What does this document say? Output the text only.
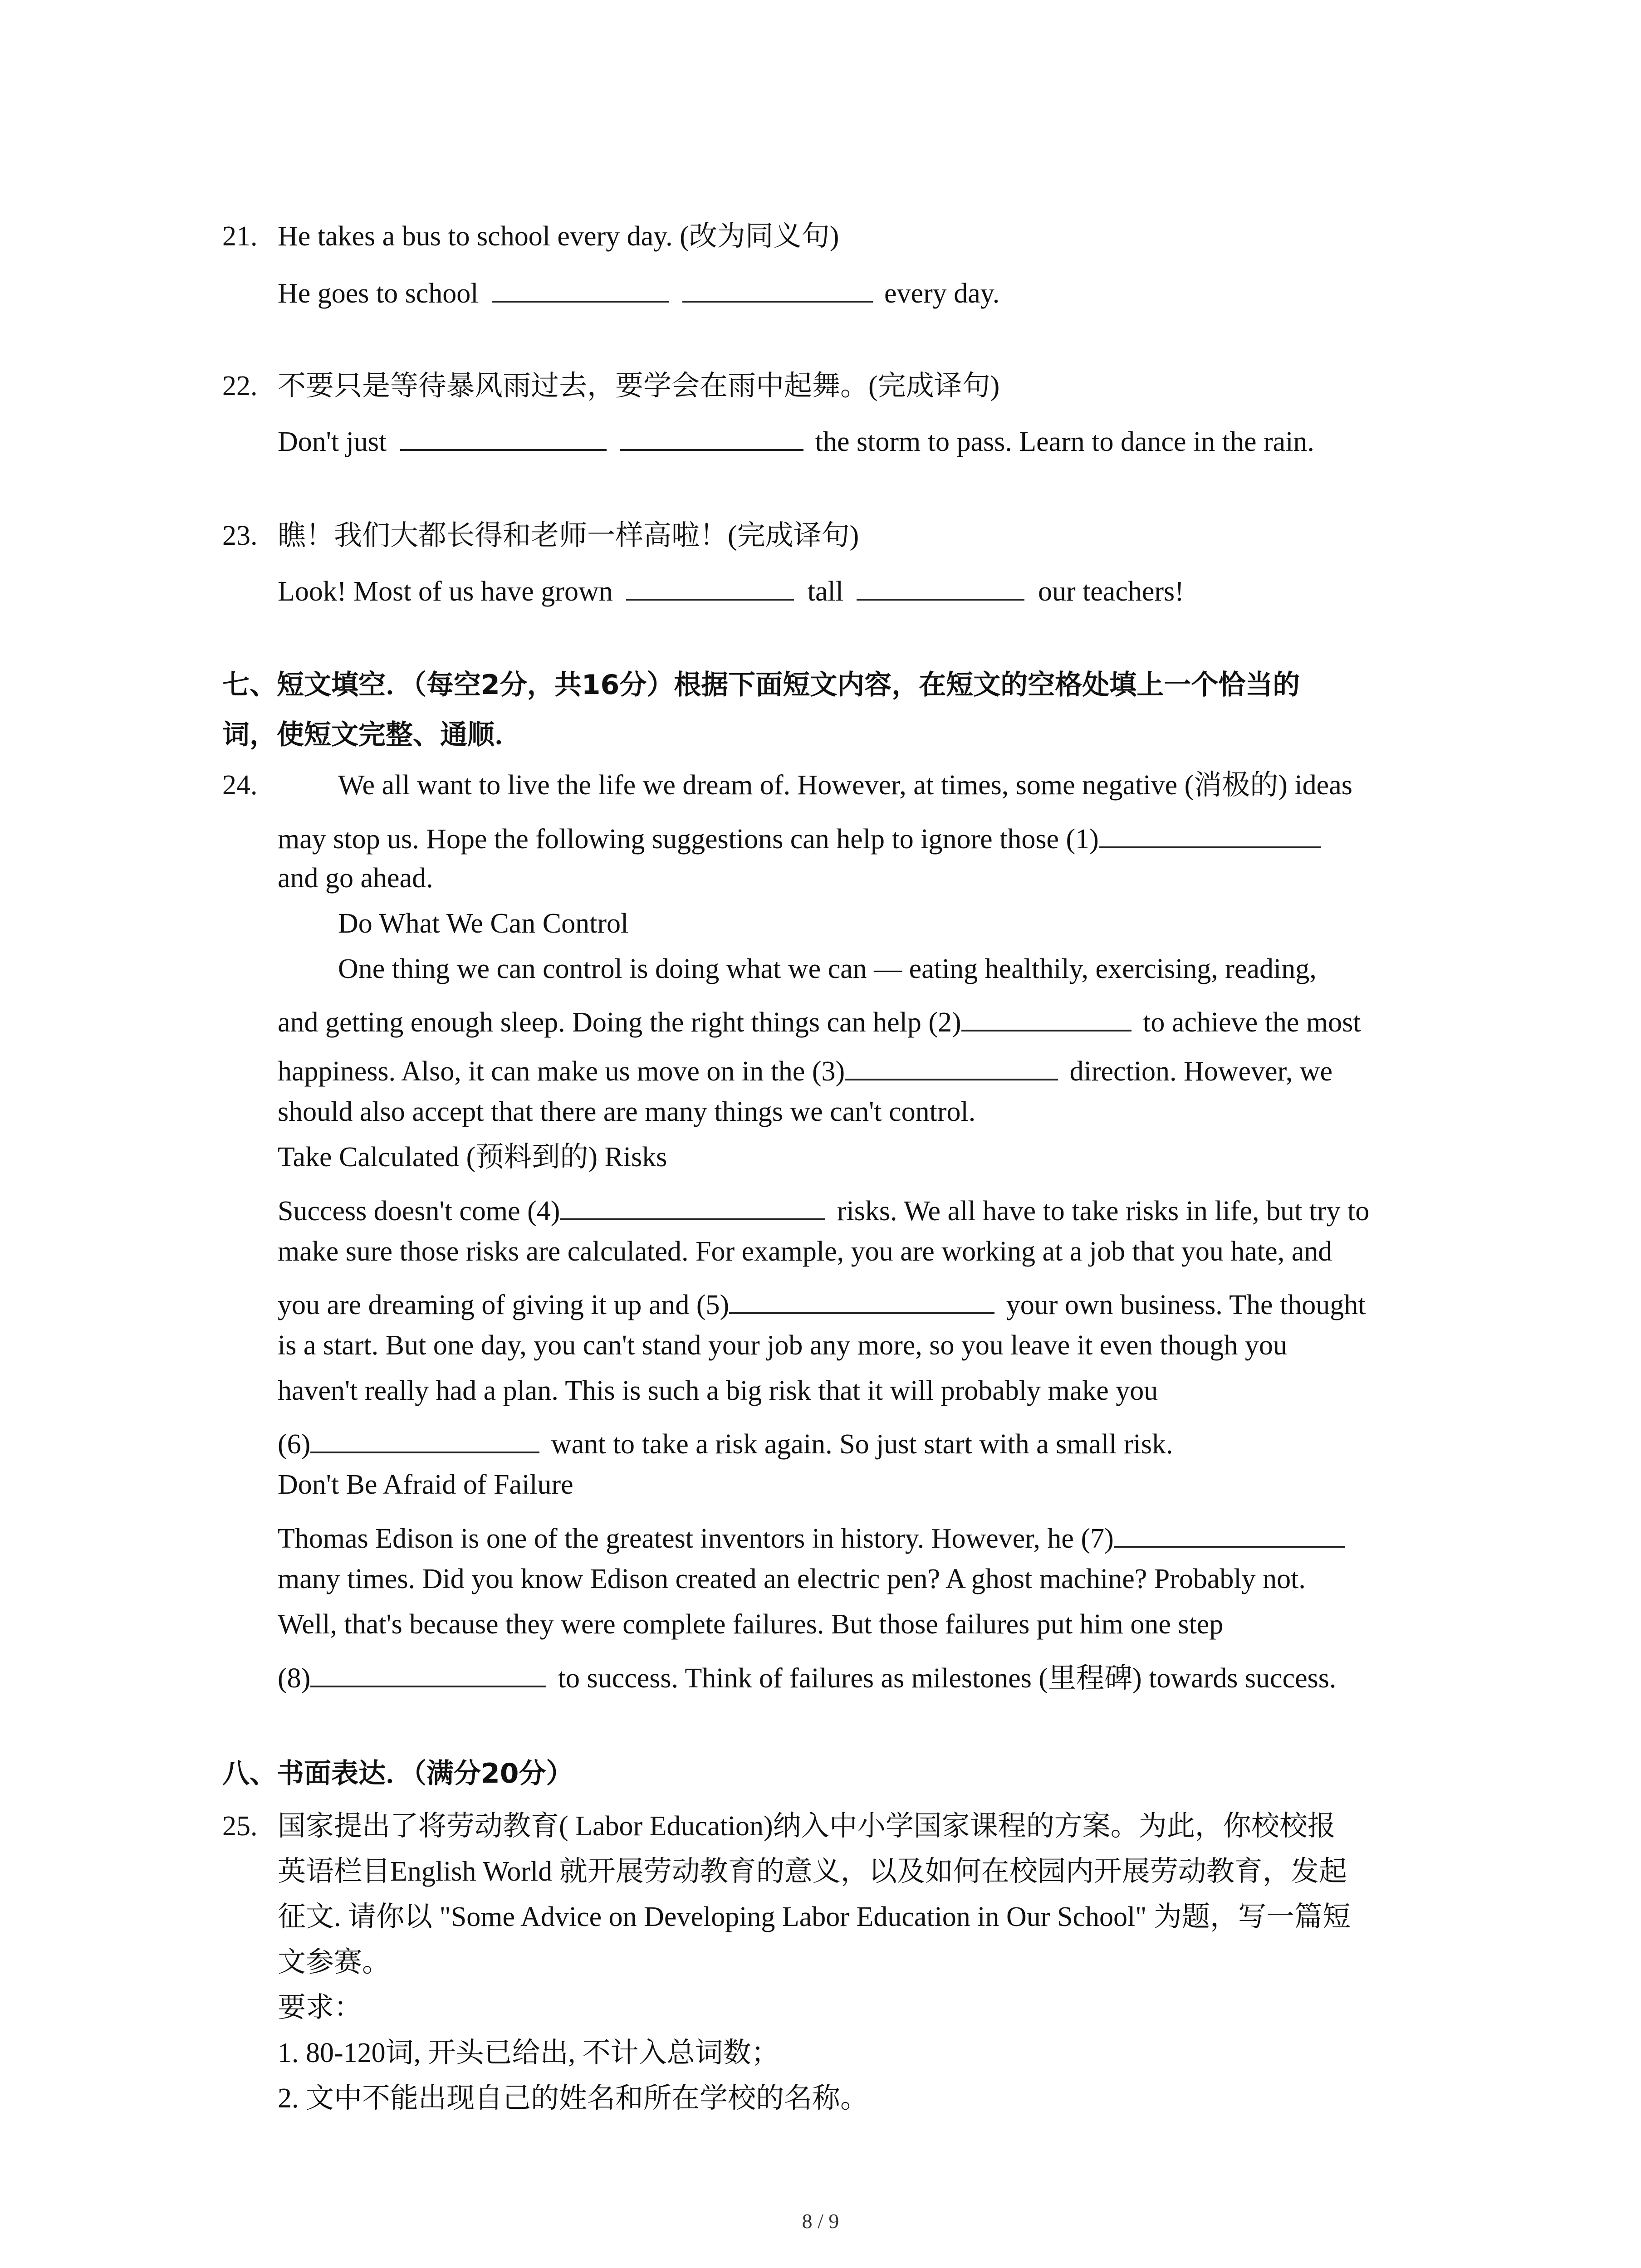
21. He takes a bus to school every day. (改为同义句)
He goes to school	every day.
22. 不要只是等待暴风雨过去，要学会在雨中起舞。(完成译句)
Don't just	the storm to pass. Learn to dance in the rain.
23. 瞧！我们大都长得和老师一样高啦！(完成译句)
Look! Most of us have grown	tall	our teachers!
七、短文填空．（每空2分，共16分）根据下面短文内容，在短文的空格处填上一个恰当的
词，使短文完整、通顺．
24.	We all want to live the life we dream of. However, at times, some negative (消极的) ideas
may stop us. Hope the following suggestions can help to ignore those (1)
and go ahead.
Do What We Can Control
One thing we can control is doing what we can — eating healthily, exercising, reading,
and getting enough sleep. Doing the right things can help (2)	to achieve the most
happiness. Also, it can make us move on in the (3)	direction. However, we
should also accept that there are many things we can't control.
Take Calculated (预料到的) Risks
Success doesn't come (4)	risks. We all have to take risks in life, but try to
make sure those risks are calculated. For example, you are working at a job that you hate, and
you are dreaming of giving it up and (5)	your own business. The thought
is a start. But one day, you can't stand your job any more, so you leave it even though you
haven't really had a plan. This is such a big risk that it will probably make you
(6)	want to take a risk again. So just start with a small risk.
Don't Be Afraid of Failure
Thomas Edison is one of the greatest inventors in history. However, he (7)
many times. Did you know Edison created an electric pen? A ghost machine? Probably not.
Well, that's because they were complete failures. But those failures put him one step
(8)	to success. Think of failures as milestones (里程碑) towards success.
八、书面表达．（满分20分）
25. 国家提出了将劳动教育( Labor Education)纳入中小学国家课程的方案。为此，你校校报
英语栏目English World 就开展劳动教育的意义，以及如何在校园内开展劳动教育，发起
征文. 请你以 "Some Advice on Developing Labor Education in Our School" 为题，写一篇短
文参赛。
要求：
1. 80-120词, 开头已给出, 不计入总词数；
2. 文中不能出现自己的姓名和所在学校的名称。
8 / 9
